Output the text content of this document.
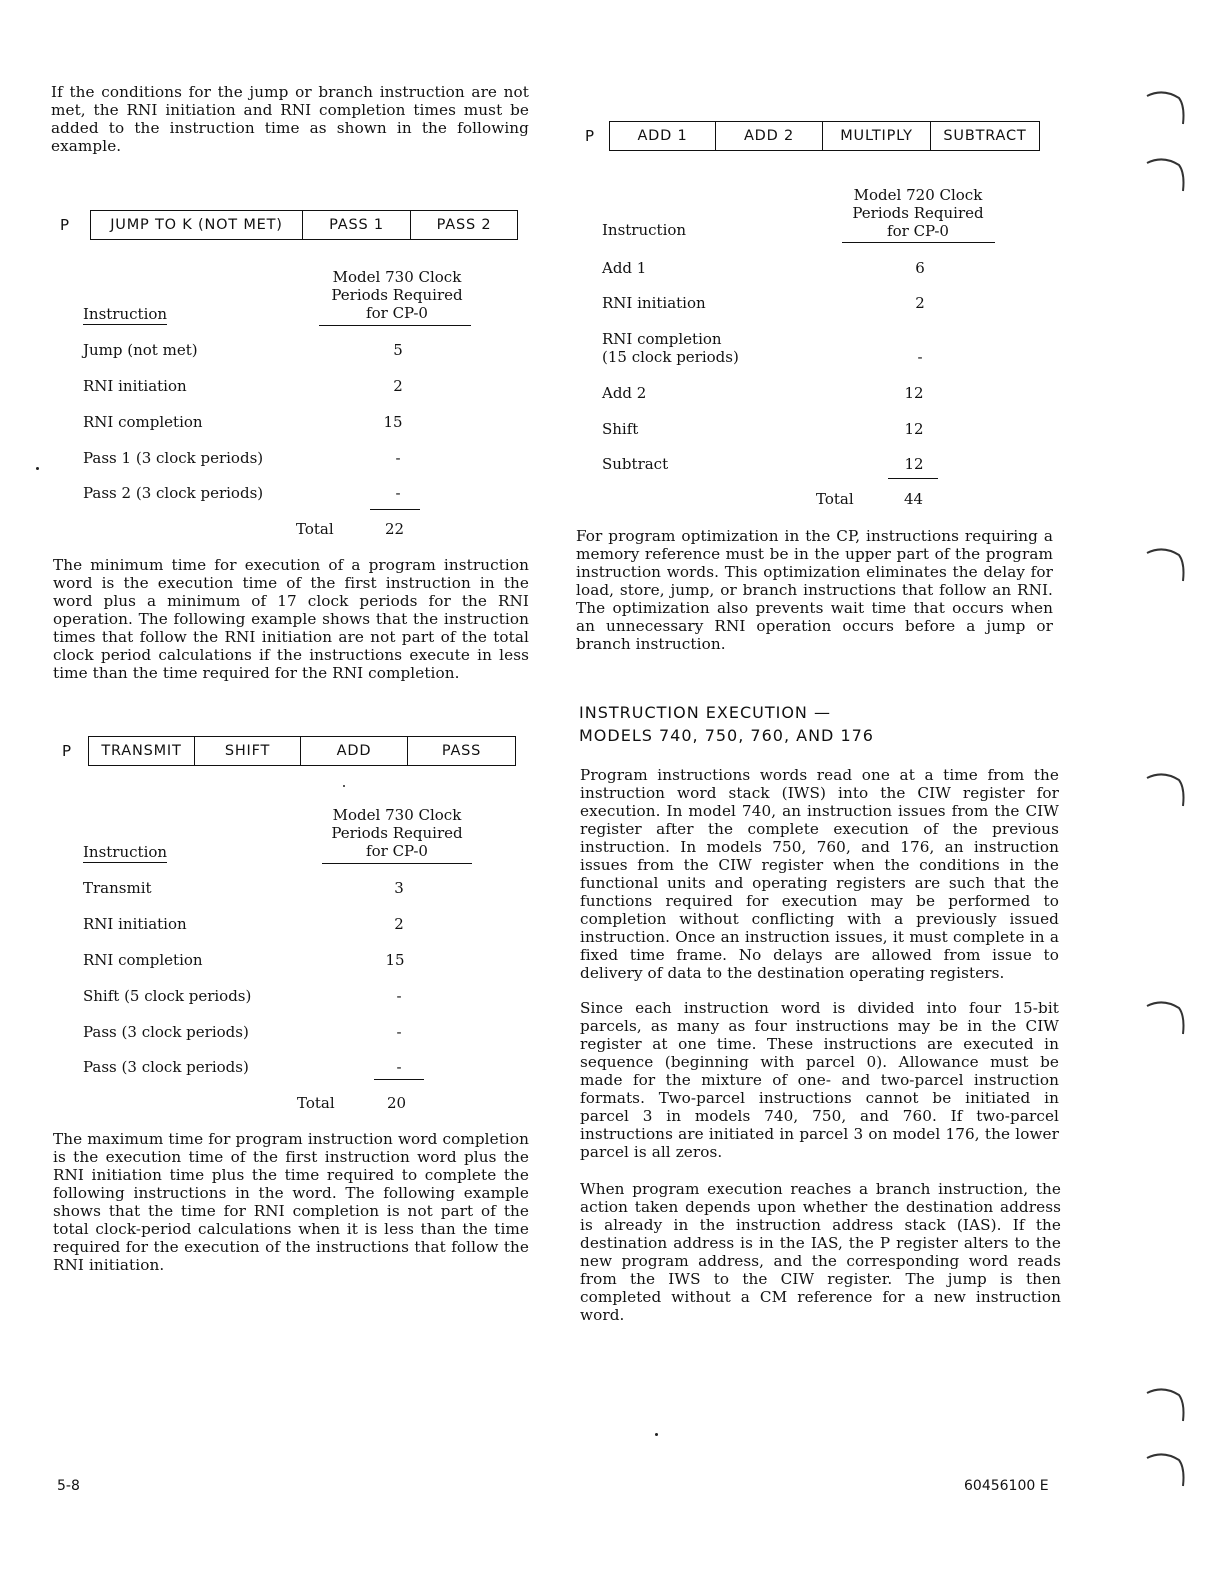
If the conditions for the jump or branch instruction are not met, the RNI initiation and RNI completion times must be added to the instruction time as shown in the following example.

P	JUMP TO K (NOT MET)	PASS 1	PASS 2
Model 730 Clock
Periods Required
for CP-0
Instruction
Jump (not met)	5
RNI initiation	2
RNI completion	15
Pass 1 (3 clock periods)	-
Pass 2 (3 clock periods)	-
Total	22

The minimum time for execution of a program instruction word is the execution time of the first instruction in the word plus a minimum of 17 clock periods for the RNI operation. The following example shows that the instruction times that follow the RNI initiation are not part of the total clock period calculations if the instructions execute in less time than the time required for the RNI completion.

P	TRANSMIT	SHIFT	ADD	PASS
Model 730 Clock
Periods Required
for CP-0
Instruction
Transmit	3
RNI initiation	2
RNI completion	15
Shift (5 clock periods)	-
Pass (3 clock periods)	-
Pass (3 clock periods)	-
Total	20

The maximum time for program instruction word completion is the execution time of the first instruction word plus the RNI initiation time plus the time required to complete the following instructions in the word. The following example shows that the time for RNI completion is not part of the total clock-period calculations when it is less than the time required for the execution of the instructions that follow the RNI initiation.

P	ADD 1	ADD 2	MULTIPLY	SUBTRACT
Model 720 Clock
Periods Required
for CP-0
Instruction
Add 1	6
RNI initiation	2
RNI completion
(15 clock periods)	-
Add 2	12
Shift	12
Subtract	12
Total	44

For program optimization in the CP, instructions requiring a memory reference must be in the upper part of the program instruction words. This optimization eliminates the delay for load, store, jump, or branch instructions that follow an RNI. The optimization also prevents wait time that occurs when an unnecessary RNI operation occurs before a jump or branch instruction.

INSTRUCTION EXECUTION —
MODELS 740, 750, 760, AND 176

Program instructions words read one at a time from the instruction word stack (IWS) into the CIW register for execution. In model 740, an instruction issues from the CIW register after the complete execution of the previous instruction. In models 750, 760, and 176, an instruction issues from the CIW register when the conditions in the functional units and operating registers are such that the functions required for execution may be performed to completion without conflicting with a previously issued instruction. Once an instruction issues, it must complete in a fixed time frame. No delays are allowed from issue to delivery of data to the destination operating registers.

Since each instruction word is divided into four 15-bit parcels, as many as four instructions may be in the CIW register at one time. These instructions are executed in sequence (beginning with parcel 0). Allowance must be made for the mixture of one- and two-parcel instruction formats. Two-parcel instructions cannot be initiated in parcel 3 in models 740, 750, and 760. If two-parcel instructions are initiated in parcel 3 on model 176, the lower parcel is all zeros.

When program execution reaches a branch instruction, the action taken depends upon whether the destination address is already in the instruction address stack (IAS). If the destination address is in the IAS, the P register alters to the new program address, and the corresponding word reads from the IWS to the CIW register. The jump is then completed without a CM reference for a new instruction word.

5-8	60456100 E
